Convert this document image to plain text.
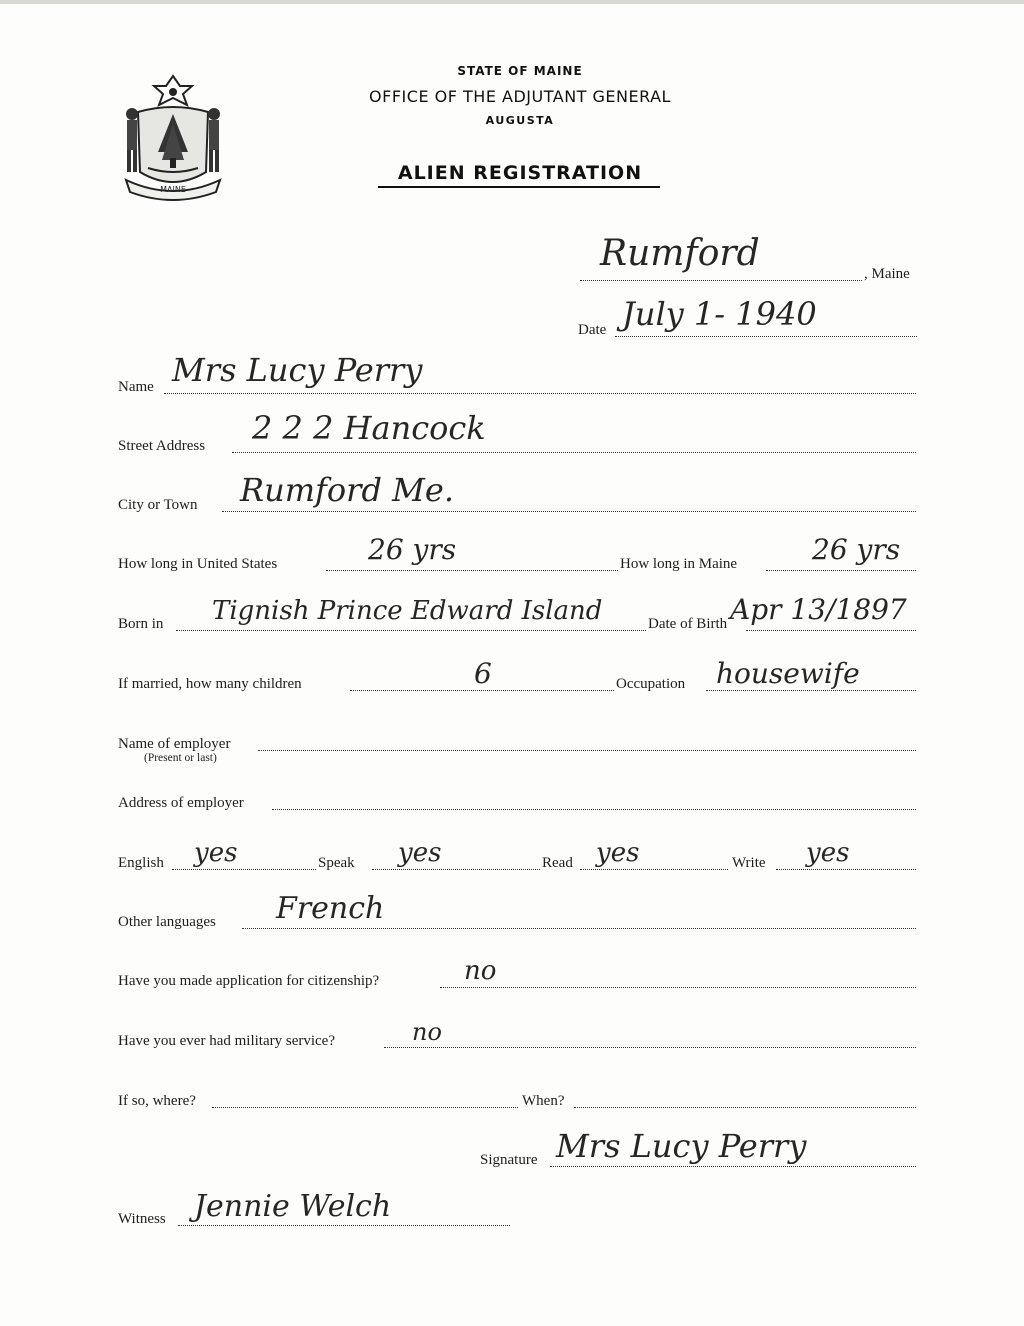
MAINE
STATE OF MAINE
OFFICE OF THE ADJUTANT GENERAL
AUGUSTA
ALIEN REGISTRATION
Rumford	, Maine
Date July 1- 1940
Name Mrs Lucy Perry
Street Address 2 2 2 Hancock
City or Town Rumford Me.
How long in United States	26 yrs	How long in Maine	26 yrs
Born in Tignish Prince Edward Island	Date of Birth Apr 13/1897
If married, how many children	6	Occupation housewife
Name of employer
(Present or last)
Address of employer
English yes	Speak yes	Read yes	Write yes
Other languages French
Have you made application for citizenship?	no
Have you ever had military service?	no
If so, where?	When?
Signature Mrs Lucy Perry
Witness Jennie Welch
